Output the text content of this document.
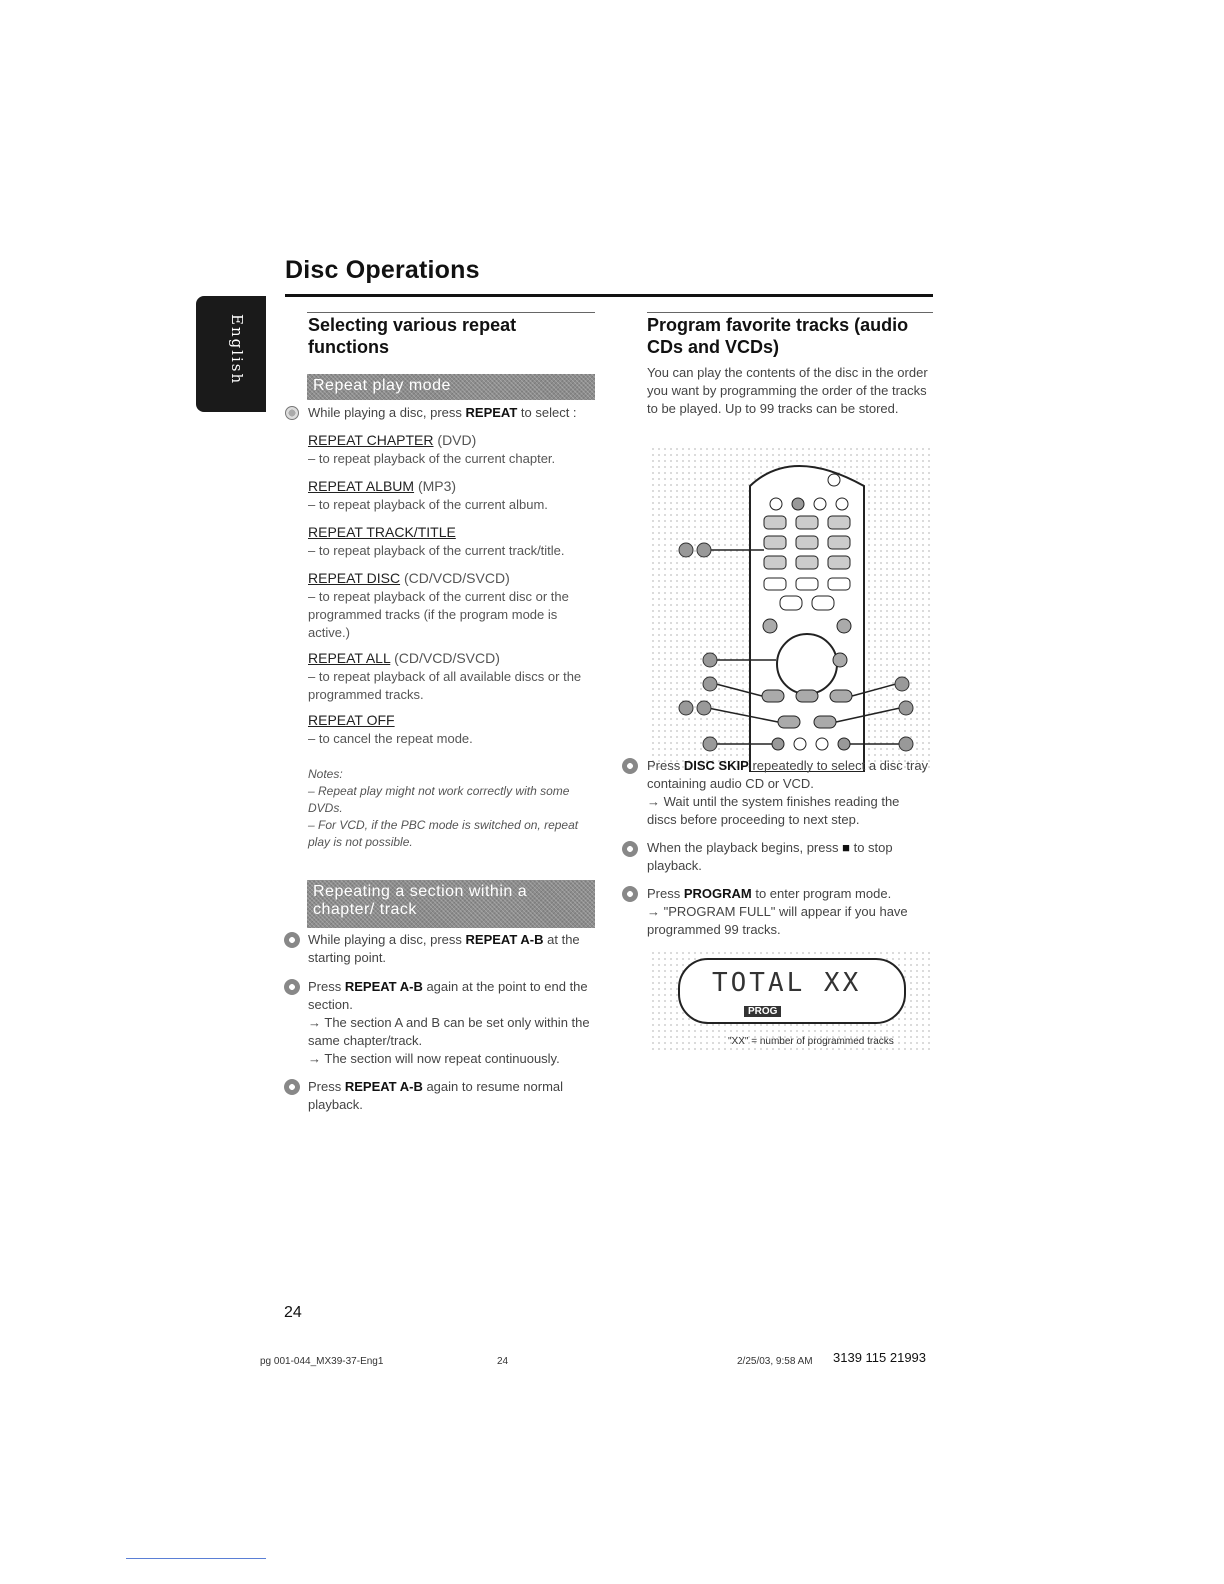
Disc Operations
English	Selecting various repeat functions
Repeat play mode
While playing a disc, press REPEAT to select :
REPEAT CHAPTER (DVD)
– to repeat playback of the current chapter.
REPEAT ALBUM (MP3)
– to repeat playback of the current album.
REPEAT TRACK/TITLE
– to repeat playback of the current track/title.
REPEAT DISC (CD/VCD/SVCD)
– to repeat playback of the current disc or the programmed tracks (if the program mode is active.)
REPEAT ALL (CD/VCD/SVCD)
– to repeat playback of all available discs or the programmed tracks.
REPEAT OFF
– to cancel the repeat mode.
Notes:
– Repeat play might not work correctly with some DVDs.
– For VCD, if the PBC mode is switched on, repeat play is not possible.
Repeating a section within a chapter/ track
While playing a disc, press REPEAT A-B at the starting point.
Press REPEAT A-B again at the point to end the section.
→ The section A and B can be set only within the same chapter/track.
→ The section will now repeat continuously.
Press REPEAT A-B again to resume normal playback.
Program favorite tracks (audio CDs and VCDs)
You can play the contents of the disc in the order you want by programming the order of the tracks to be played. Up to 99 tracks can be stored.
Press DISC SKIP repeatedly to select a disc tray containing audio CD or VCD.
→ Wait until the system finishes reading the discs before proceeding to next step.
When the playback begins, press ■ to stop playback.
Press PROGRAM to enter program mode.
→ "PROGRAM FULL" will appear if you have programmed 99 tracks.
TOTAL XX
PROG
"XX" = number of programmed tracks
24
pg 001-044_MX39-37-Eng1	24	2/25/03, 9:58 AM 3139 115 21993
